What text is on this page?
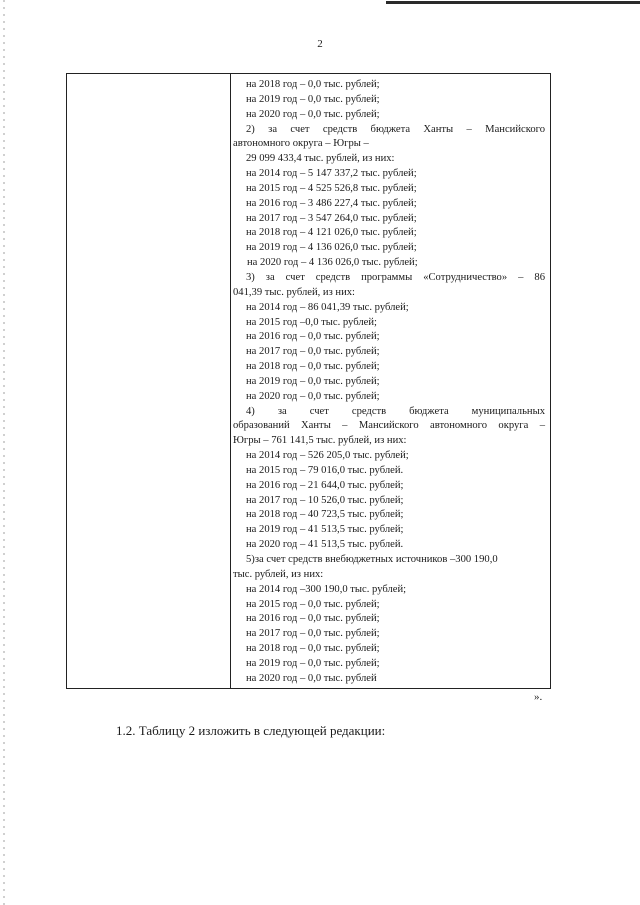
2
на 2018 год – 0,0 тыс. рублей;
на 2019 год – 0,0 тыс. рублей;
на 2020 год – 0,0 тыс. рублей;
2) за счет средств бюджета Ханты – Мансийского
автономного округа – Югры –
29 099 433,4 тыс. рублей, из них:
на 2014 год – 5 147 337,2 тыс. рублей;
на 2015 год – 4 525 526,8 тыс. рублей;
на 2016 год – 3 486 227,4 тыс. рублей;
на 2017 год – 3 547 264,0 тыс. рублей;
на 2018 год – 4 121 026,0 тыс. рублей;
на 2019 год – 4 136 026,0 тыс. рублей;
на 2020 год – 4 136 026,0 тыс. рублей;
3) за счет средств программы «Сотрудничество» – 86
041,39 тыс. рублей, из них:
на 2014 год – 86 041,39 тыс. рублей;
на 2015 год –0,0 тыс. рублей;
на 2016 год – 0,0 тыс. рублей;
на 2017 год – 0,0 тыс. рублей;
на 2018 год – 0,0 тыс. рублей;
на 2019 год – 0,0 тыс. рублей;
на 2020 год – 0,0 тыс. рублей;
4) за счет средств бюджета муниципальных
образований Ханты – Мансийского автономного округа –
Югры – 761 141,5 тыс. рублей, из них:
на 2014 год – 526 205,0 тыс. рублей;
на 2015 год – 79 016,0 тыс. рублей.
на 2016 год – 21 644,0 тыс. рублей;
на 2017 год – 10 526,0 тыс. рублей;
на 2018 год – 40 723,5 тыс. рублей;
на 2019 год – 41 513,5 тыс. рублей;
на 2020 год – 41 513,5 тыс. рублей.
5)за счет средств внебюджетных источников –300 190,0
тыс. рублей, из них:
на 2014 год –300 190,0 тыс. рублей;
на 2015 год – 0,0 тыс. рублей;
на 2016 год – 0,0 тыс. рублей;
на 2017 год – 0,0 тыс. рублей;
на 2018 год – 0,0 тыс. рублей;
на 2019 год – 0,0 тыс. рублей;
на 2020 год – 0,0 тыс. рублей
».
1.2. Таблицу 2 изложить в следующей редакции:
